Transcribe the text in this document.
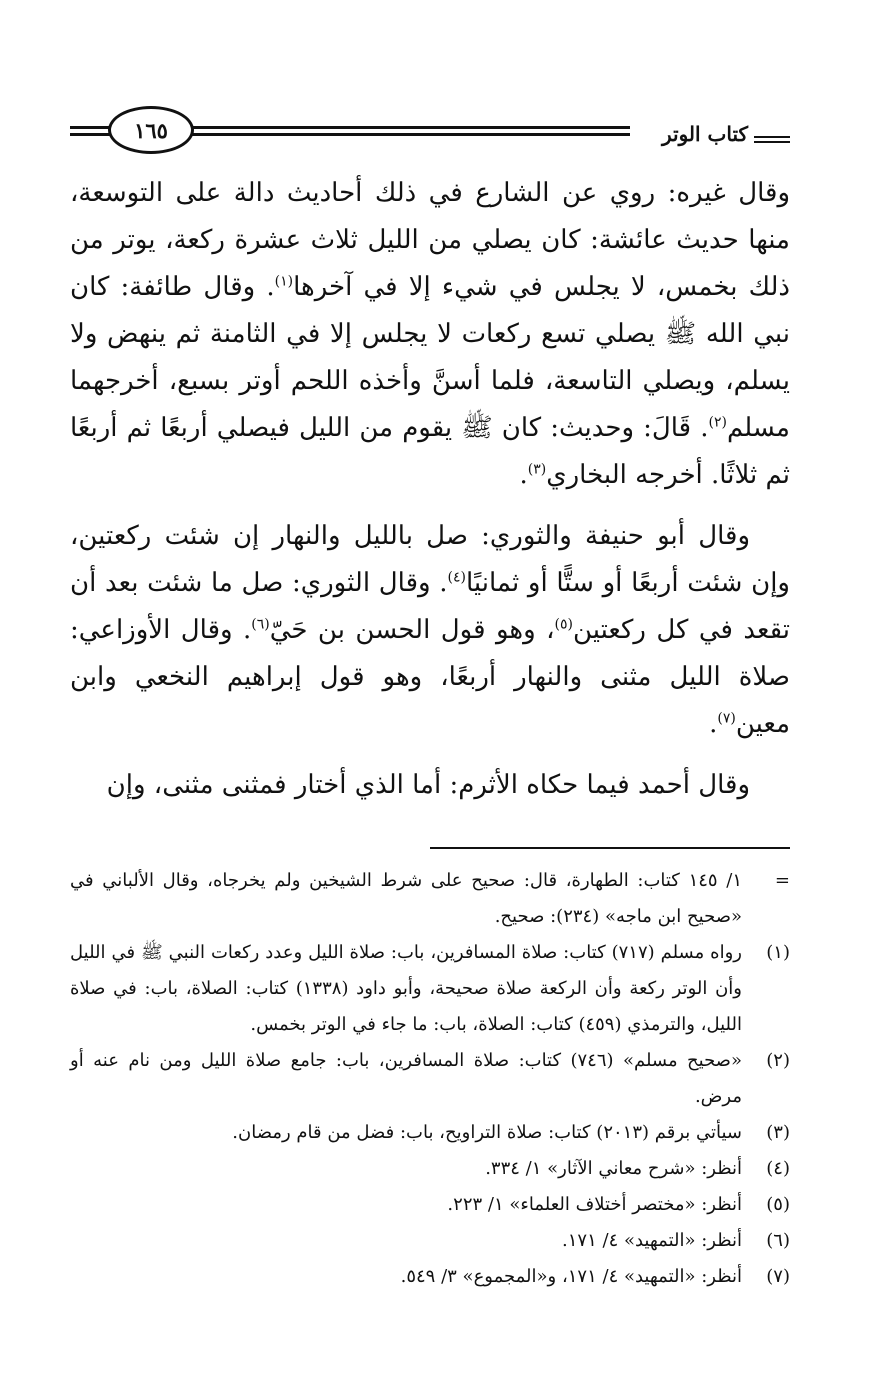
كتاب الوتر
١٦٥

وقال غيره: روي عن الشارع في ذلك أحاديث دالة على التوسعة، منها حديث عائشة: كان يصلي من الليل ثلاث عشرة ركعة، يوتر من ذلك بخمس، لا يجلس في شيء إلا في آخرها$^{(١)}$. وقال طائفة: كان نبي الله ﷺ يصلي تسع ركعات لا يجلس إلا في الثامنة ثم ينهض ولا يسلم، ويصلي التاسعة، فلما أسنَّ وأخذه اللحم أوتر بسبع، أخرجهما مسلم$^{(٢)}$. قَالَ: وحديث: كان ﷺ يقوم من الليل فيصلي أربعًا ثم أربعًا ثم ثلاثًا. أخرجه البخاري$^{(٣)}$.

وقال أبو حنيفة والثوري: صل بالليل والنهار إن شئت ركعتين، وإن شئت أربعًا أو ستًّا أو ثمانيًا$^{(٤)}$. وقال الثوري: صل ما شئت بعد أن تقعد في كل ركعتين$^{(٥)}$، وهو قول الحسن بن حَيّ$^{(٦)}$. وقال الأوزاعي: صلاة الليل مثنى والنهار أربعًا، وهو قول إبراهيم النخعي وابن معين$^{(٧)}$.

وقال أحمد فيما حكاه الأثرم: أما الذي أختار فمثنى مثنى، وإن

=
١/ ١٤٥ كتاب: الطهارة، قال: صحيح على شرط الشيخين ولم يخرجاه، وقال الألباني في «صحيح ابن ماجه» (٢٣٤): صحيح.
(١)
رواه مسلم (٧١٧) كتاب: صلاة المسافرين، باب: صلاة الليل وعدد ركعات النبي ﷺ في الليل وأن الوتر ركعة وأن الركعة صلاة صحيحة، وأبو داود (١٣٣٨) كتاب: الصلاة، باب: في صلاة الليل، والترمذي (٤٥٩) كتاب: الصلاة، باب: ما جاء في الوتر بخمس.
(٢)
«صحيح مسلم» (٧٤٦) كتاب: صلاة المسافرين، باب: جامع صلاة الليل ومن نام عنه أو مرض.
(٣)
سيأتي برقم (٢٠١٣) كتاب: صلاة التراويح، باب: فضل من قام رمضان.
(٤)
أنظر: «شرح معاني الآثار» ١/ ٣٣٤.
(٥)
أنظر: «مختصر أختلاف العلماء» ١/ ٢٢٣.
(٦)
أنظر: «التمهيد» ٤/ ١٧١.
(٧)
أنظر: «التمهيد» ٤/ ١٧١، و«المجموع» ٣/ ٥٤٩.
